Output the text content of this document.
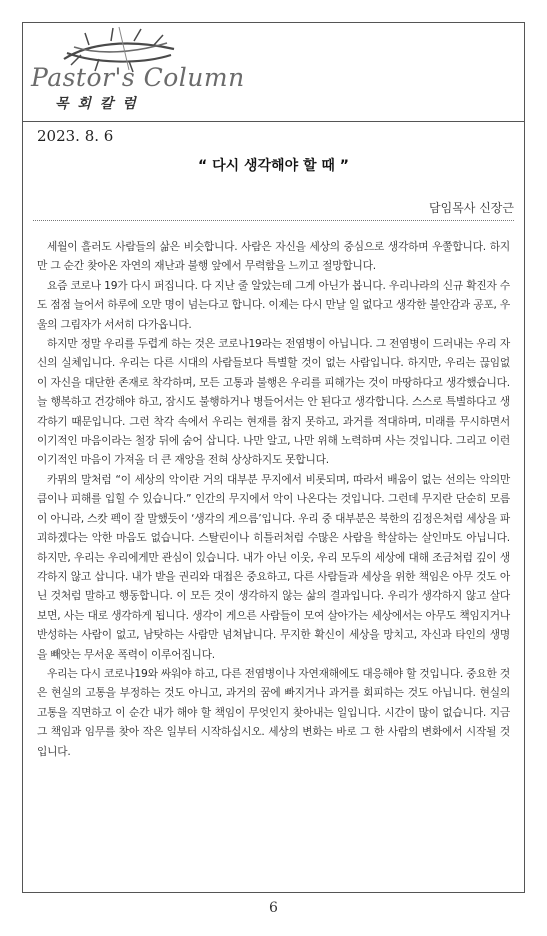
Pastor's Column
목 회 칼 럼
2023. 8. 6
“ 다시 생각해야 할 때 ”
담임목사 신장근

세월이 흘러도 사람들의 삶은 비슷합니다. 사람은 자신을 세상의 중심으로 생각하며 우쭐합니다. 하지만 그 순간 찾아온 자연의 재난과 불행 앞에서 무력함을 느끼고 절망합니다.

요즘 코로나 19가 다시 퍼집니다. 다 지난 줄 알았는데 그게 아닌가 봅니다. 우리나라의 신규 확진자 수도 점점 늘어서 하루에 오만 명이 넘는다고 합니다. 이제는 다시 만날 일 없다고 생각한 불안감과 공포, 우울의 그림자가 서서히 다가옵니다.

하지만 정말 우리를 두렵게 하는 것은 코로나19라는 전염병이 아닙니다. 그 전염병이 드러내는 우리 자신의 실체입니다. 우리는 다른 시대의 사람들보다 특별할 것이 없는 사람입니다. 하지만, 우리는 끊임없이 자신을 대단한 존재로 착각하며, 모든 고통과 불행은 우리를 피해가는 것이 마땅하다고 생각했습니다. 늘 행복하고 건강해야 하고, 잠시도 불행하거나 병들어서는 안 된다고 생각합니다. 스스로 특별하다고 생각하기 때문입니다. 그런 착각 속에서 우리는 현재를 참지 못하고, 과거를 적대하며, 미래를 무시하면서 이기적인 마음이라는 철장 뒤에 숨어 삽니다. 나만 알고, 나만 위해 노력하며 사는 것입니다. 그리고 이런 이기적인 마음이 가져올 더 큰 재앙을 전혀 상상하지도 못합니다.

카뮈의 말처럼 “이 세상의 악이란 거의 대부분 무지에서 비롯되며, 따라서 배움이 없는 선의는 악의만큼이나 피해를 입힐 수 있습니다.” 인간의 무지에서 악이 나온다는 것입니다. 그런데 무지란 단순히 모름이 아니라, 스캇 펙이 잘 말했듯이 ‘생각의 게으름’입니다. 우리 중 대부분은 북한의 김정은처럼 세상을 파괴하겠다는 악한 마음도 없습니다. 스탈린이나 히틀러처럼 수많은 사람을 학살하는 살인마도 아닙니다. 하지만, 우리는 우리에게만 관심이 있습니다. 내가 아닌 이웃, 우리 모두의 세상에 대해 조금처럼 깊이 생각하지 않고 삽니다. 내가 받을 권리와 대접은 중요하고, 다른 사람들과 세상을 위한 책임은 아무 것도 아닌 것처럼 말하고 행동합니다. 이 모든 것이 생각하지 않는 삶의 결과입니다. 우리가 생각하지 않고 살다보면, 사는 대로 생각하게 됩니다. 생각이 게으른 사람들이 모여 살아가는 세상에서는 아무도 책임지거나 반성하는 사람이 없고, 남탓하는 사람만 넘쳐납니다. 무지한 확신이 세상을 망치고, 자신과 타인의 생명을 빼앗는 무서운 폭력이 이루어집니다.

우리는 다시 코로나19와 싸워야 하고, 다른 전염병이나 자연재해에도 대응해야 할 것입니다. 중요한 것은 현실의 고통을 부정하는 것도 아니고, 과거의 꿈에 빠지거나 과거를 회피하는 것도 아닙니다. 현실의 고통을 직면하고 이 순간 내가 해야 할 책임이 무엇인지 찾아내는 일입니다. 시간이 많이 없습니다. 지금 그 책임과 임무를 찾아 작은 일부터 시작하십시오. 세상의 변화는 바로 그 한 사람의 변화에서 시작될 것입니다.

6
